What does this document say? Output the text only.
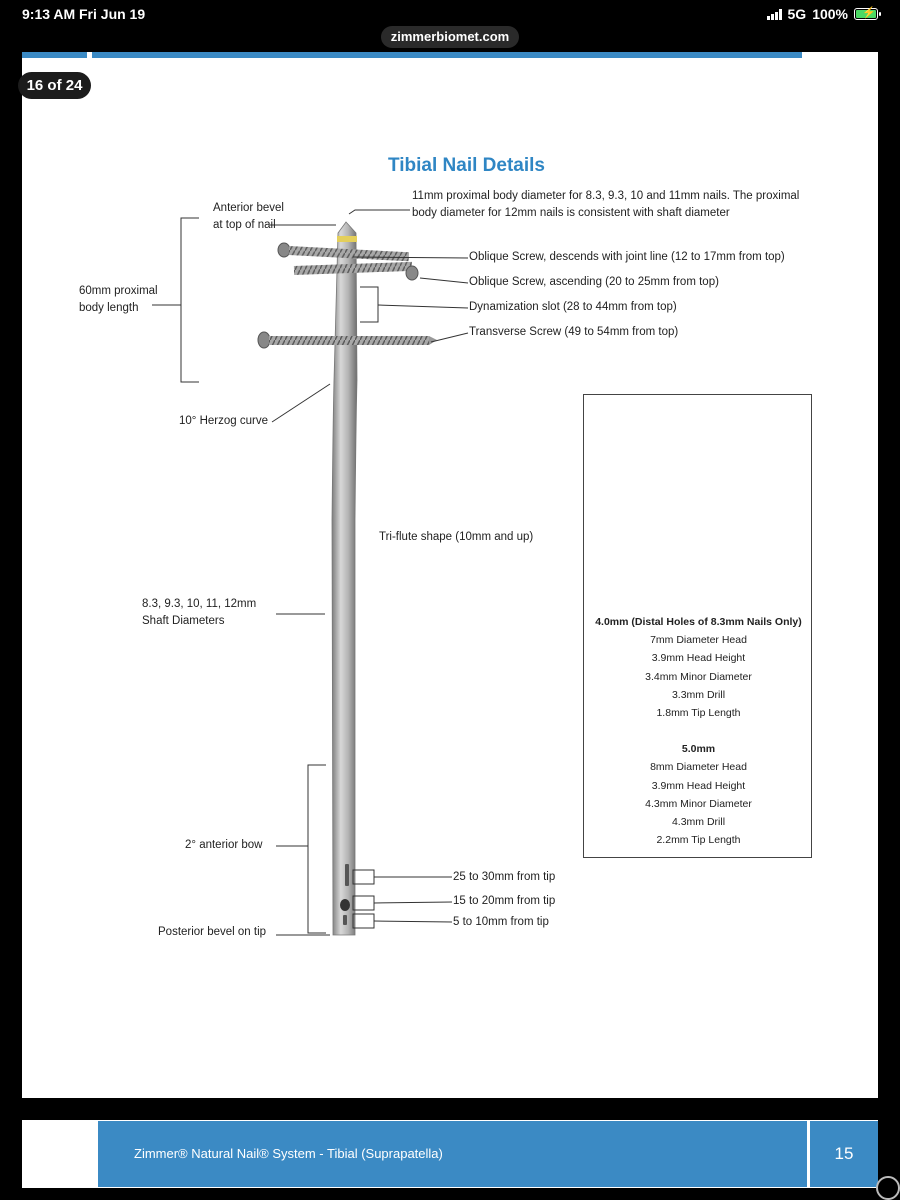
9:13 AM Fri Jun 19	5G 100% ⚡
zimmerbiomet.com
16 of 24
Tibial Nail Details
Anterior bevel
at top of nail
11mm proximal body diameter for 8.3, 9.3, 10 and 11mm nails. The proximal
body diameter for 12mm nails is consistent with shaft diameter
Oblique Screw, descends with joint line (12 to 17mm from top)
Oblique Screw, ascending (20 to 25mm from top)
Dynamization slot (28 to 44mm from top)
Transverse Screw (49 to 54mm from top)
60mm proximal
body length
10° Herzog curve
Tri-flute shape (10mm and up)
8.3, 9.3, 10, 11, 12mm
Shaft Diameters
2° anterior bow
Posterior bevel on tip
25 to 30mm from tip
15 to 20mm from tip
5 to 10mm from tip
4.0mm (Distal Holes of 8.3mm Nails Only)
7mm Diameter Head
3.9mm Head Height
3.4mm Minor Diameter
3.3mm Drill
1.8mm Tip Length
5.0mm
8mm Diameter Head
3.9mm Head Height
4.3mm Minor Diameter
4.3mm Drill
2.2mm Tip Length
Zimmer® Natural Nail® System - Tibial (Suprapatella)	15
